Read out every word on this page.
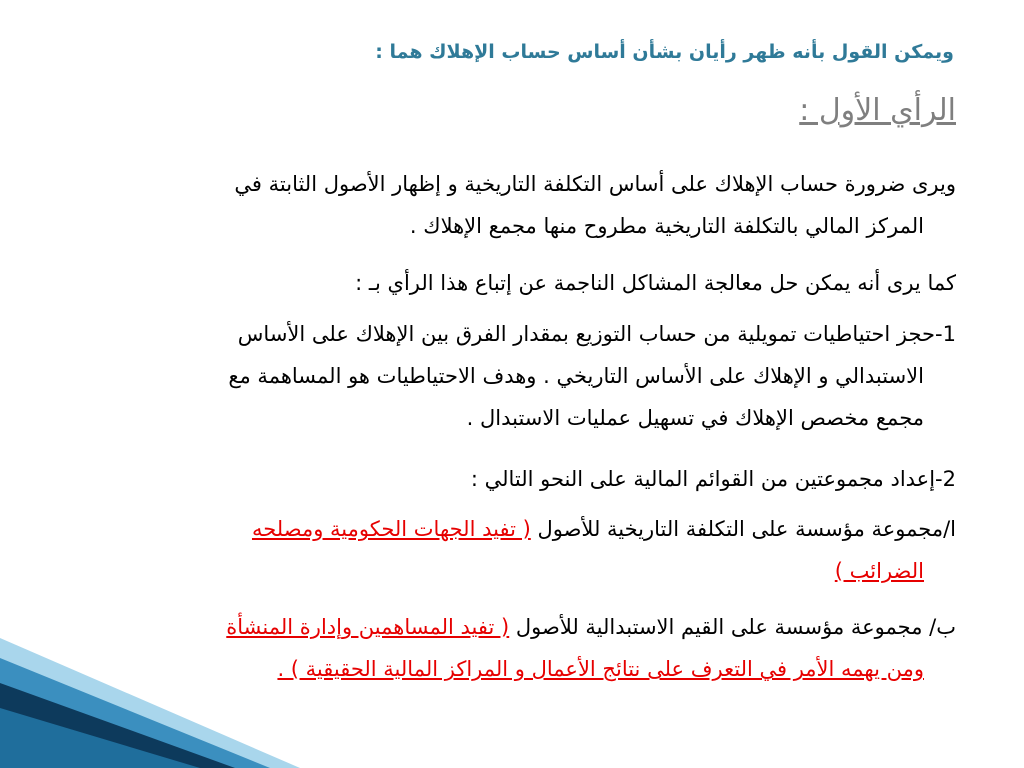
ويمكن القول بأنه ظهر رأيان بشأن أساس حساب الإهلاك هما :
الرأي الأول :
ويرى ضرورة حساب الإهلاك على أساس التكلفة التاريخية و إظهار الأصول الثابتة في
المركز المالي بالتكلفة التاريخية مطروح منها مجمع الإهلاك .
كما يرى أنه يمكن حل معالجة المشاكل الناجمة عن إتباع هذا الرأي بـ :
1-حجز احتياطيات تمويلية من حساب التوزيع بمقدار الفرق بين الإهلاك على الأساس
الاستبدالي و الإهلاك على الأساس التاريخي . وهدف الاحتياطيات هو المساهمة مع
مجمع مخصص الإهلاك في تسهيل عمليات الاستبدال .
2-إعداد مجموعتين من القوائم المالية على النحو التالي :
ا/مجموعة مؤسسة على التكلفة التاريخية للأصول ( تفيد الجهات الحكومية ومصلحه
الضرائب )
ب/ مجموعة مؤسسة على القيم الاستبدالية للأصول ( تفيد المساهمين وإدارة المنشأة
ومن يهمه الأمر في التعرف على نتائج الأعمال و المراكز المالية الحقيقية ) .
